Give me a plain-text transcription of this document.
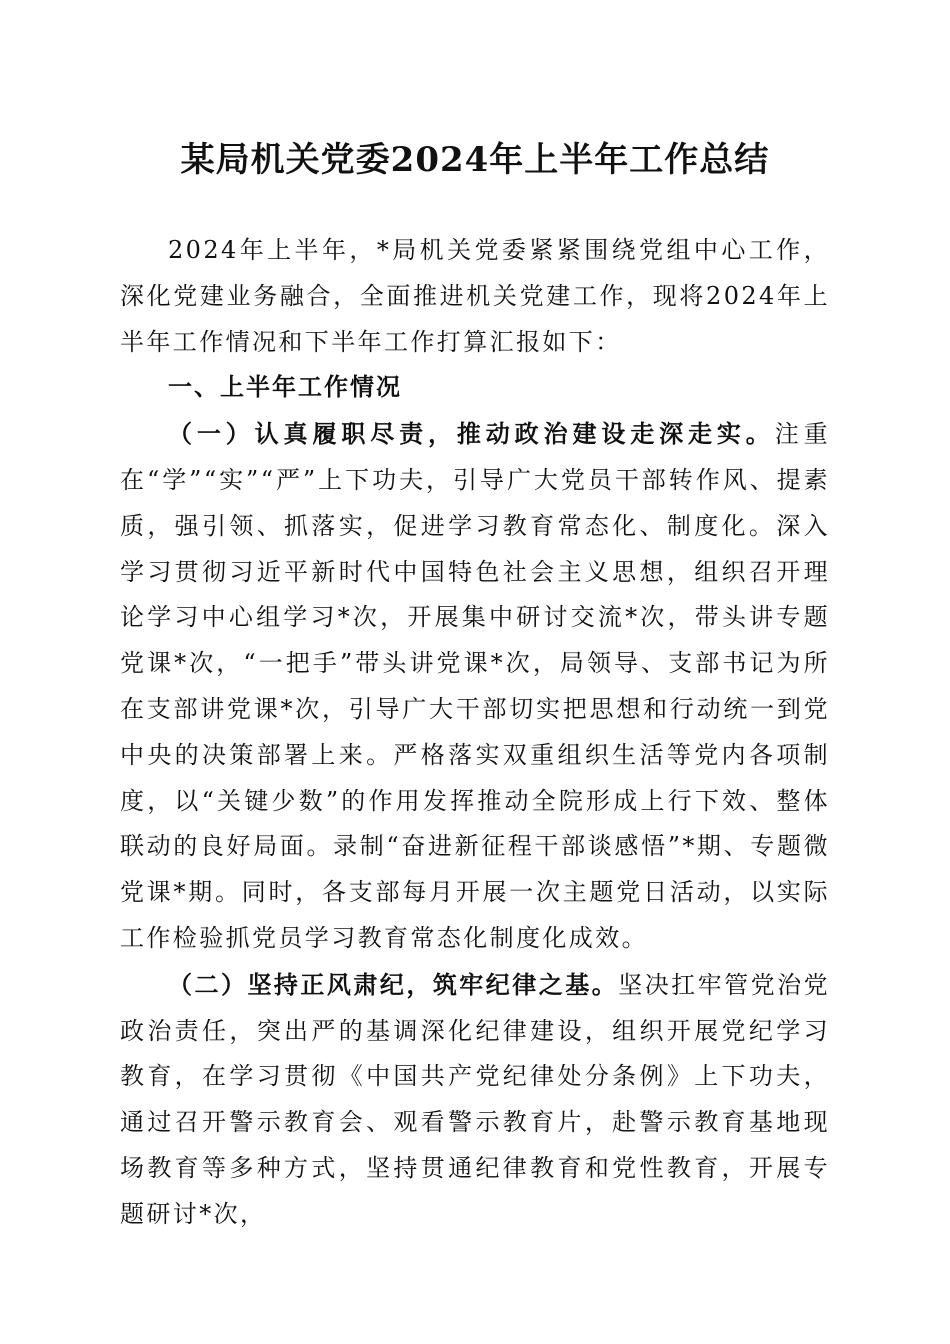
某局机关党委2024年上半年工作总结

2024年上半年，*局机关党委紧紧围绕党组中心工作，深化党建业务融合，全面推进机关党建工作，现将2024年上半年工作情况和下半年工作打算汇报如下：

一、上半年工作情况

（一）认真履职尽责，推动政治建设走深走实。注重在“学”“实”“严”上下功夫，引导广大党员干部转作风、提素质，强引领、抓落实，促进学习教育常态化、制度化。深入学习贯彻习近平新时代中国特色社会主义思想，组织召开理论学习中心组学习*次，开展集中研讨交流*次，带头讲专题党课*次，“一把手”带头讲党课*次，局领导、支部书记为所在支部讲党课*次，引导广大干部切实把思想和行动统一到党中央的决策部署上来。严格落实双重组织生活等党内各项制度，以“关键少数”的作用发挥推动全院形成上行下效、整体联动的良好局面。录制“奋进新征程干部谈感悟”*期、专题微党课*期。同时，各支部每月开展一次主题党日活动，以实际工作检验抓党员学习教育常态化制度化成效。

（二）坚持正风肃纪，筑牢纪律之基。坚决扛牢管党治党政治责任，突出严的基调深化纪律建设，组织开展党纪学习教育，在学习贯彻《中国共产党纪律处分条例》上下功夫，通过召开警示教育会、观看警示教育片，赴警示教育基地现场教育等多种方式，坚持贯通纪律教育和党性教育，开展专题研讨*次，
